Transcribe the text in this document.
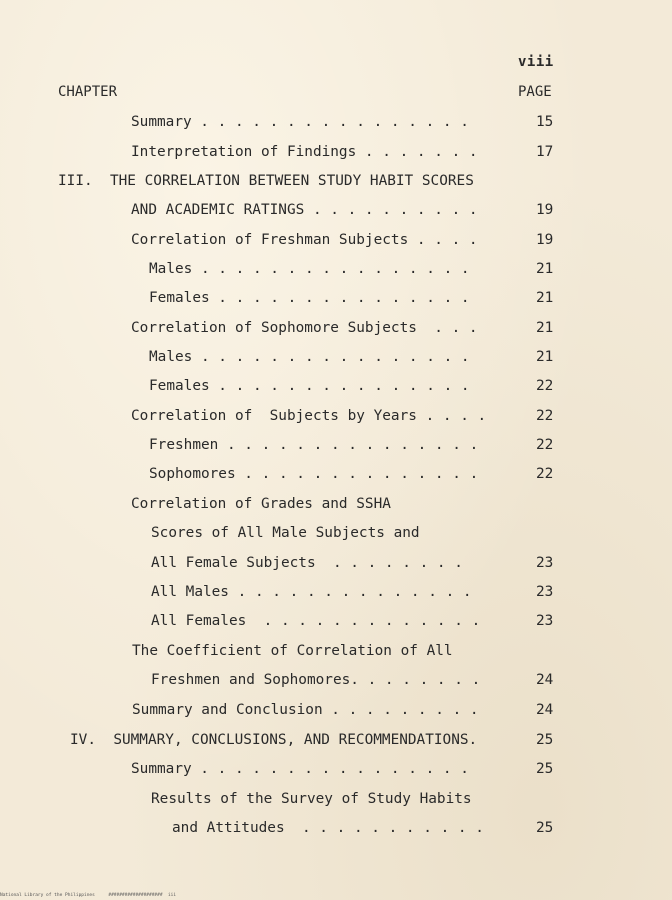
viii
CHAPTER	PAGE
Summary . . . . . . . . . . . . . . . .	15
Interpretation of Findings . . . . . . .	17
III.  THE CORRELATION BETWEEN STUDY HABIT SCORES
AND ACADEMIC RATINGS . . . . . . . . . .	19
Correlation of Freshman Subjects . . . .	19
Males . . . . . . . . . . . . . . . .	21
Females . . . . . . . . . . . . . . .	21
Correlation of Sophomore Subjects  . . .	21
Males . . . . . . . . . . . . . . . .	21
Females . . . . . . . . . . . . . . .	22
Correlation of  Subjects by Years . . . .	22
Freshmen . . . . . . . . . . . . . . .	22
Sophomores . . . . . . . . . . . . . .	22
Correlation of Grades and SSHA
Scores of All Male Subjects and
All Female Subjects  . . . . . . . .	23
All Males . . . . . . . . . . . . . .	23
All Females  . . . . . . . . . . . . .	23
The Coefficient of Correlation of All
Freshmen and Sophomores. . . . . . . .	24
Summary and Conclusion . . . . . . . . .	24
IV.  SUMMARY, CONCLUSIONS, AND RECOMMENDATIONS.	25
Summary . . . . . . . . . . . . . . . .	25
Results of the Survey of Study Habits
and Attitudes  . . . . . . . . . . .	25
National Library of the Philippines     ####################  iii
